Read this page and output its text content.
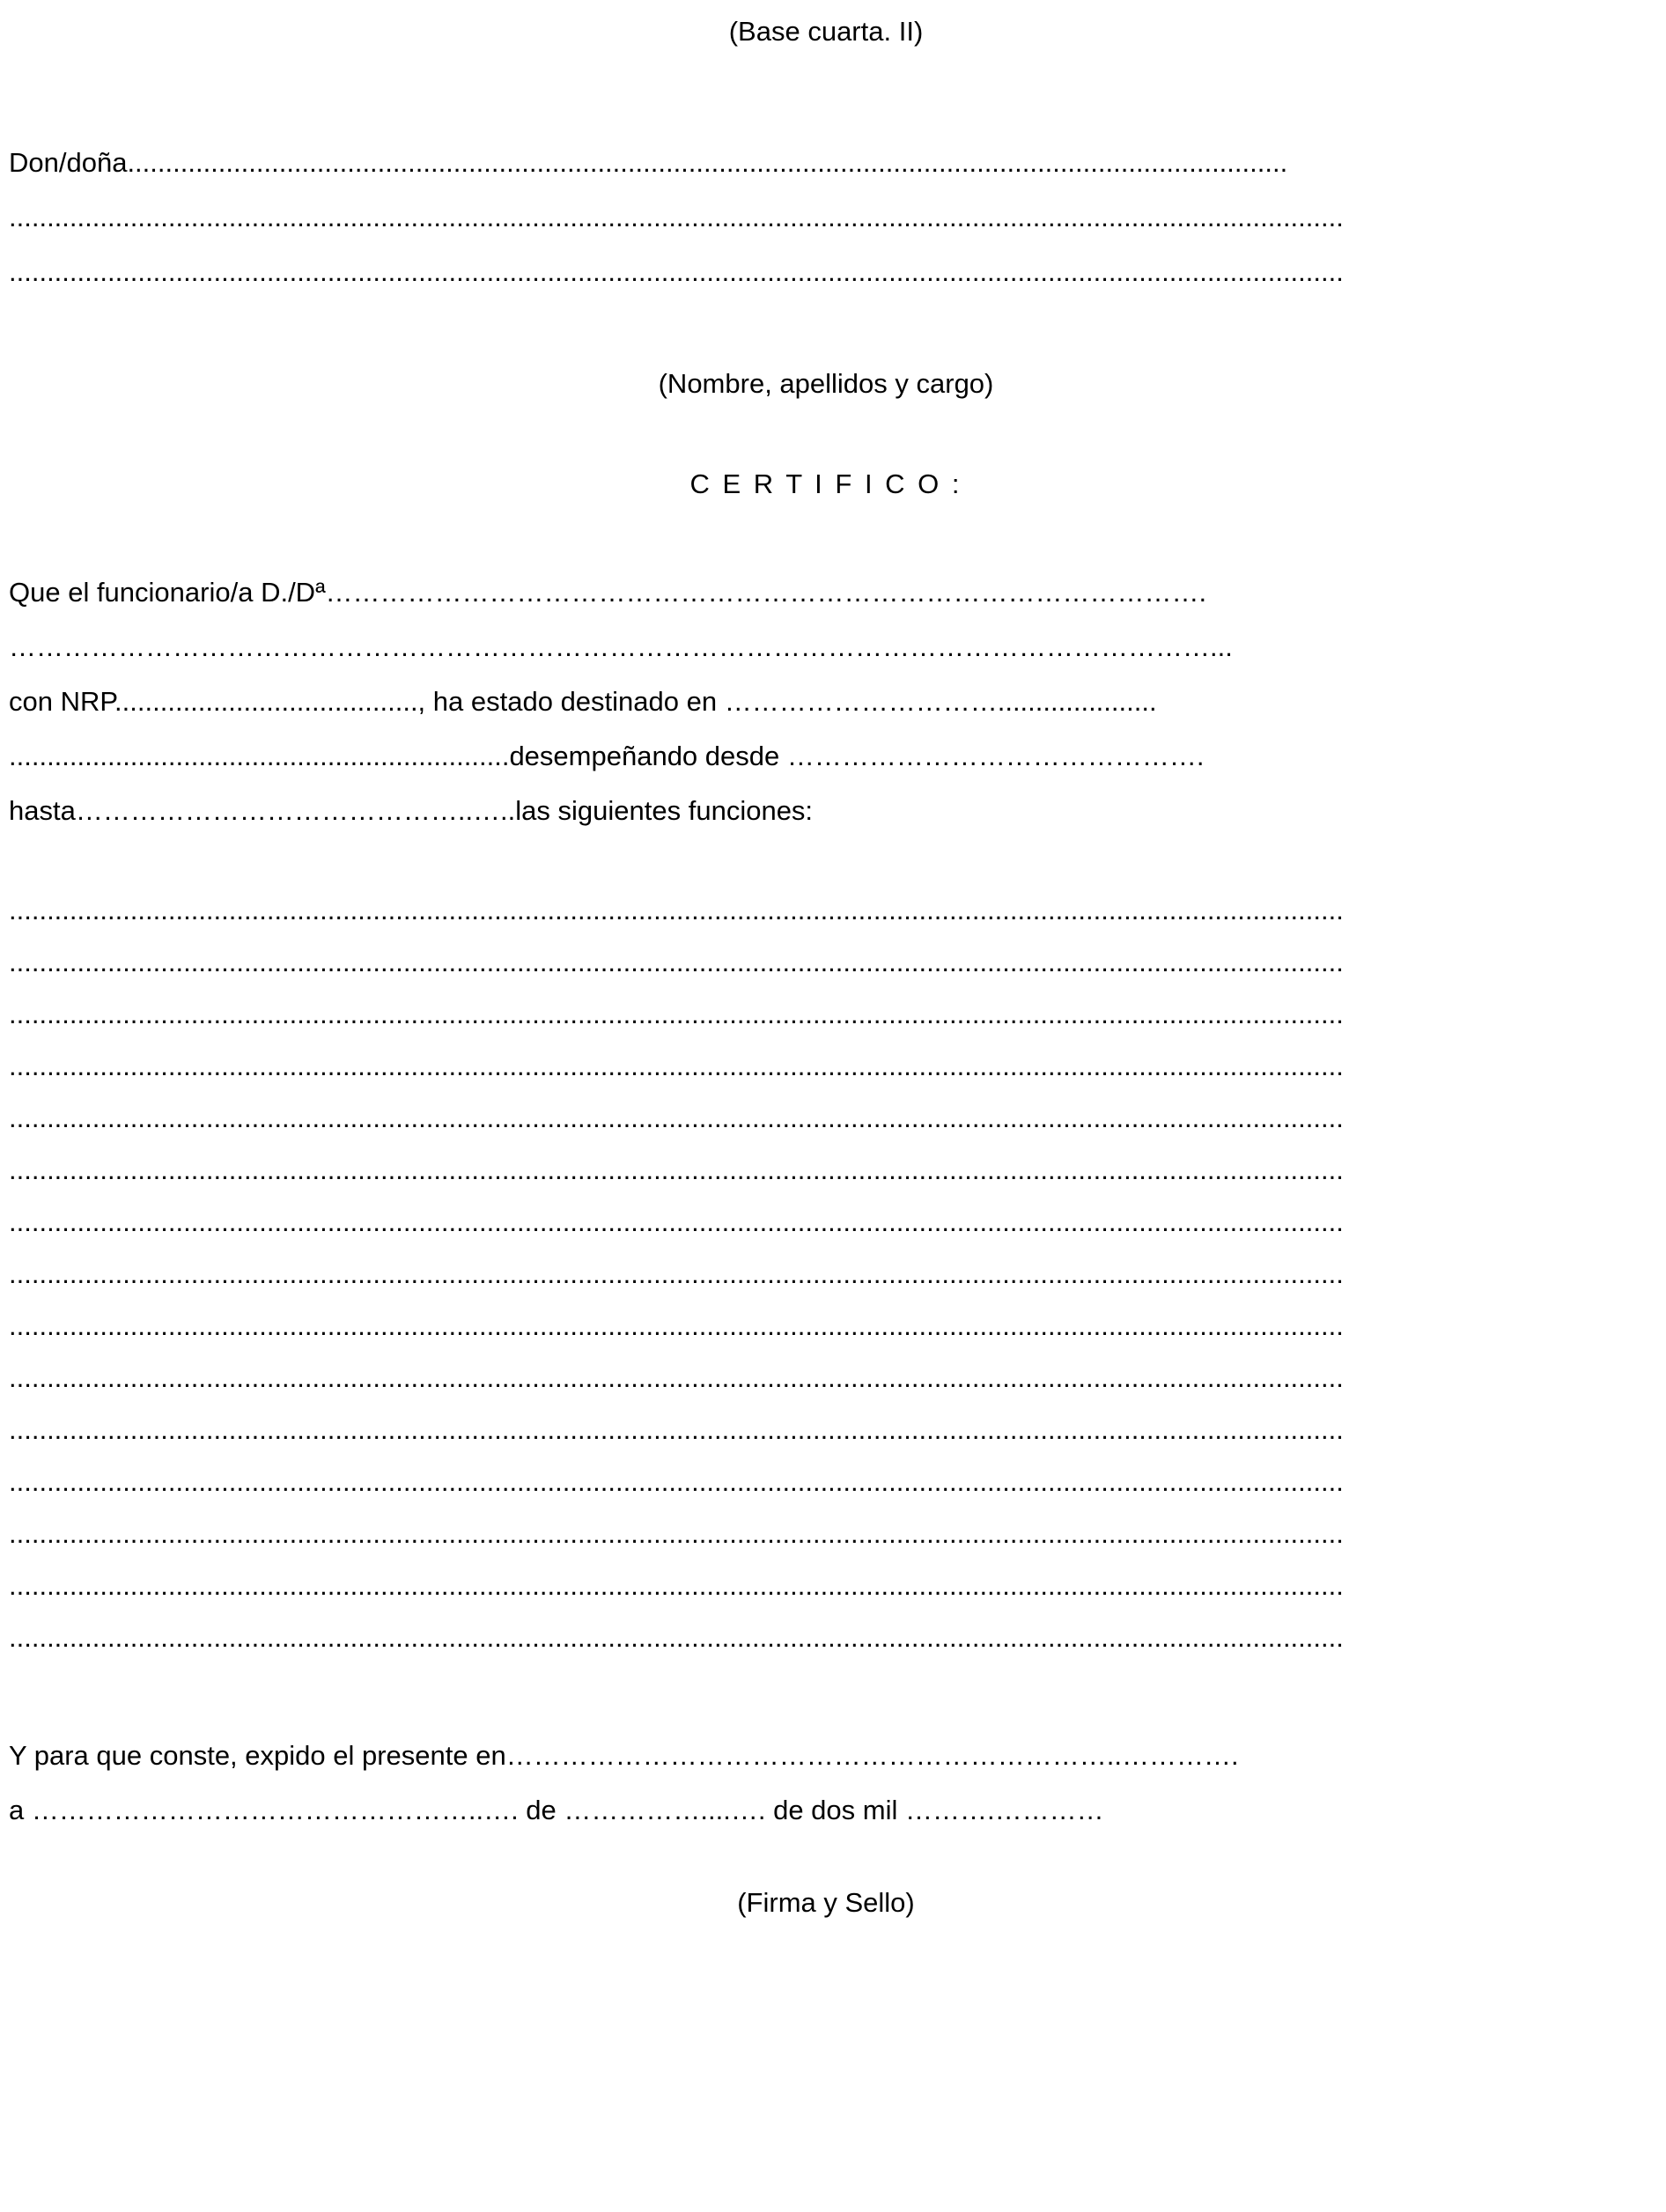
(Base cuarta. II)
Don/doña.........................................................................................................................................................
................................................................................................................................................................................
................................................................................................................................................................................
(Nombre, apellidos y cargo)
C E R T I F I C O :
Que el funcionario/a D./Dª…………………………………………………………………………………….
……………………………………………………………………………………………………………………...
con NRP........................................, ha estado destinado en ………………………….....................
..................................................................desempeñando desde ……………………………………….
hasta……………………………………..…..las siguientes funciones:
................................................................................................................................................................................
................................................................................................................................................................................
................................................................................................................................................................................
................................................................................................................................................................................
................................................................................................................................................................................
................................................................................................................................................................................
................................................................................................................................................................................
................................................................................................................................................................................
................................................................................................................................................................................
................................................................................................................................................................................
................................................................................................................................................................................
................................................................................................................................................................................
................................................................................................................................................................................
................................................................................................................................................................................
................................................................................................................................................................................
Y para que conste, expido el presente en…………………………………………………………..………….
a …………………………………………..…. de ……………....…. de dos mil ……….…………
(Firma y Sello)
